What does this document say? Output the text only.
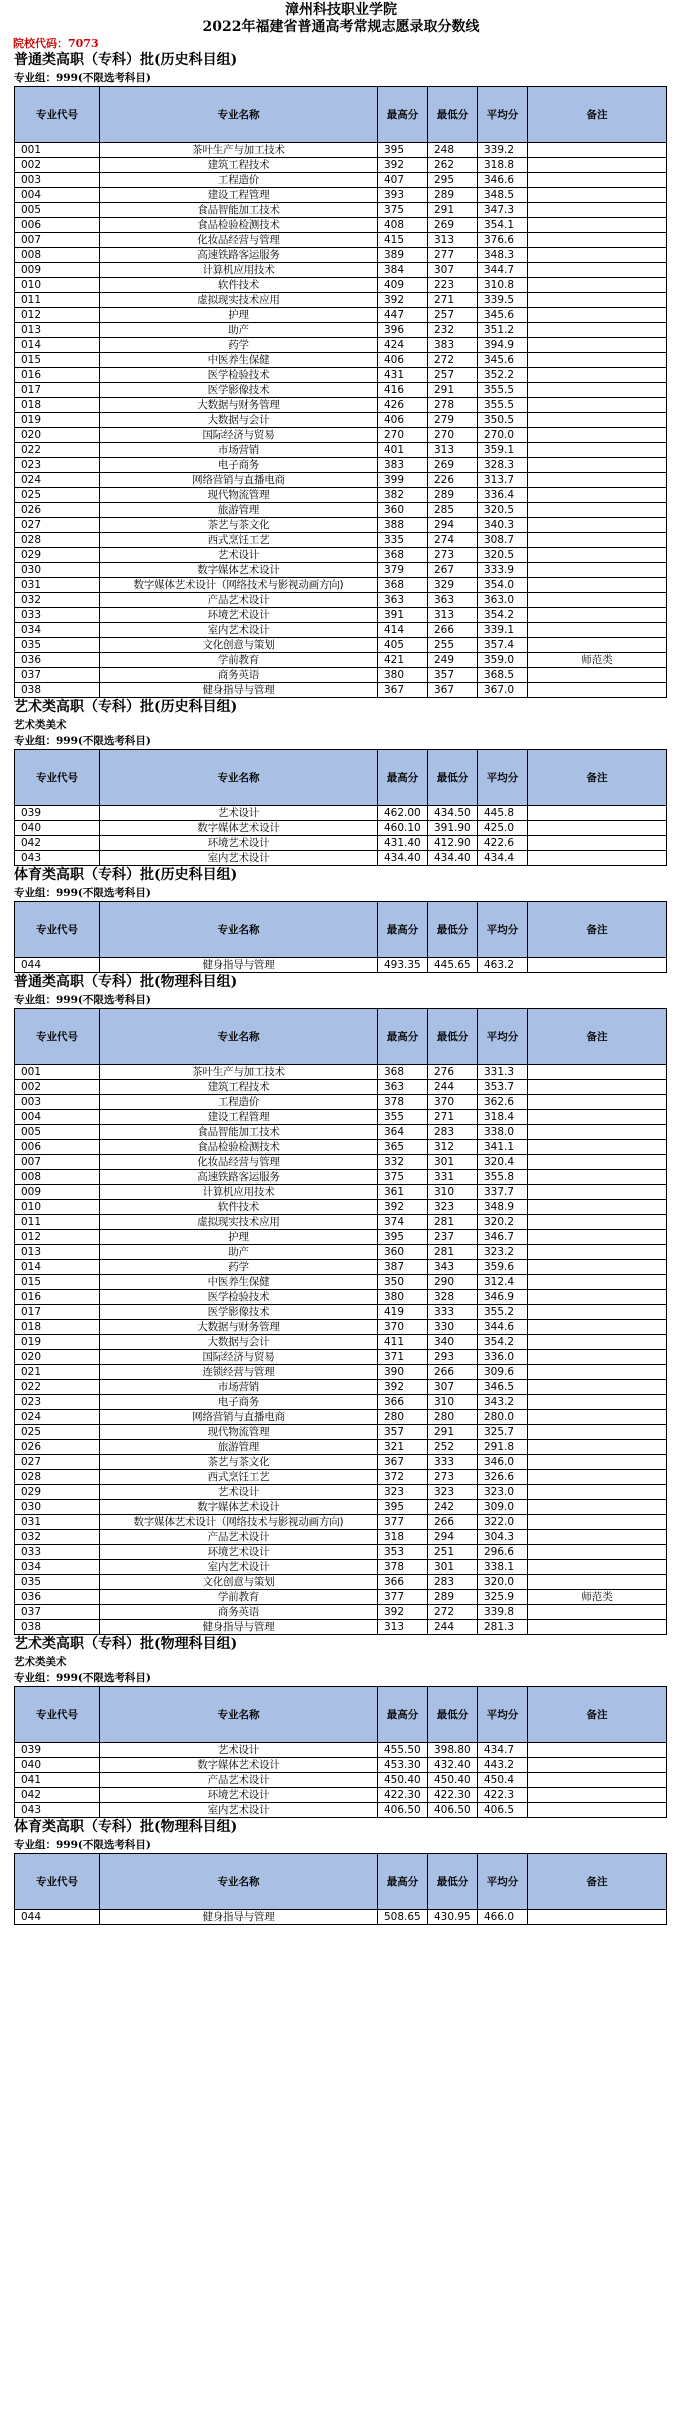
漳州科技职业学院
2022年福建省普通高考常规志愿录取分数线
院校代码：7073
普通类高职（专科）批(历史科目组)
专业组：999(不限选考科目)
专业代号	专业名称	最高分	最低分	平均分	备注
001	茶叶生产与加工技术	395	248	339.2	
002	建筑工程技术	392	262	318.8	
003	工程造价	407	295	346.6	
004	建设工程管理	393	289	348.5	
005	食品智能加工技术	375	291	347.3	
006	食品检验检测技术	408	269	354.1	
007	化妆品经营与管理	415	313	376.6	
008	高速铁路客运服务	389	277	348.3	
009	计算机应用技术	384	307	344.7	
010	软件技术	409	223	310.8	
011	虚拟现实技术应用	392	271	339.5	
012	护理	447	257	345.6	
013	助产	396	232	351.2	
014	药学	424	383	394.9	
015	中医养生保健	406	272	345.6	
016	医学检验技术	431	257	352.2	
017	医学影像技术	416	291	355.5	
018	大数据与财务管理	426	278	355.5	
019	大数据与会计	406	279	350.5	
020	国际经济与贸易	270	270	270.0	
022	市场营销	401	313	359.1	
023	电子商务	383	269	328.3	
024	网络营销与直播电商	399	226	313.7	
025	现代物流管理	382	289	336.4	
026	旅游管理	360	285	320.5	
027	茶艺与茶文化	388	294	340.3	
028	西式烹饪工艺	335	274	308.7	
029	艺术设计	368	273	320.5	
030	数字媒体艺术设计	379	267	333.9	
031	数字媒体艺术设计（网络技术与影视动画方向)	368	329	354.0	
032	产品艺术设计	363	363	363.0	
033	环境艺术设计	391	313	354.2	
034	室内艺术设计	414	266	339.1	
035	文化创意与策划	405	255	357.4	
036	学前教育	421	249	359.0	师范类
037	商务英语	380	357	368.5	
038	健身指导与管理	367	367	367.0	
艺术类高职（专科）批(历史科目组)
艺术类美术
专业组：999(不限选考科目)
专业代号	专业名称	最高分	最低分	平均分	备注
039	艺术设计	462.00	434.50	445.8	
040	数字媒体艺术设计	460.10	391.90	425.0	
042	环境艺术设计	431.40	412.90	422.6	
043	室内艺术设计	434.40	434.40	434.4	
体育类高职（专科）批(历史科目组)
专业组：999(不限选考科目)
专业代号	专业名称	最高分	最低分	平均分	备注
044	健身指导与管理	493.35	445.65	463.2	
普通类高职（专科）批(物理科目组)
专业组：999(不限选考科目)
专业代号	专业名称	最高分	最低分	平均分	备注
001	茶叶生产与加工技术	368	276	331.3	
002	建筑工程技术	363	244	353.7	
003	工程造价	378	370	362.6	
004	建设工程管理	355	271	318.4	
005	食品智能加工技术	364	283	338.0	
006	食品检验检测技术	365	312	341.1	
007	化妆品经营与管理	332	301	320.4	
008	高速铁路客运服务	375	331	355.8	
009	计算机应用技术	361	310	337.7	
010	软件技术	392	323	348.9	
011	虚拟现实技术应用	374	281	320.2	
012	护理	395	237	346.7	
013	助产	360	281	323.2	
014	药学	387	343	359.6	
015	中医养生保健	350	290	312.4	
016	医学检验技术	380	328	346.9	
017	医学影像技术	419	333	355.2	
018	大数据与财务管理	370	330	344.6	
019	大数据与会计	411	340	354.2	
020	国际经济与贸易	371	293	336.0	
021	连锁经营与管理	390	266	309.6	
022	市场营销	392	307	346.5	
023	电子商务	366	310	343.2	
024	网络营销与直播电商	280	280	280.0	
025	现代物流管理	357	291	325.7	
026	旅游管理	321	252	291.8	
027	茶艺与茶文化	367	333	346.0	
028	西式烹饪工艺	372	273	326.6	
029	艺术设计	323	323	323.0	
030	数字媒体艺术设计	395	242	309.0	
031	数字媒体艺术设计（网络技术与影视动画方向)	377	266	322.0	
032	产品艺术设计	318	294	304.3	
033	环境艺术设计	353	251	296.6	
034	室内艺术设计	378	301	338.1	
035	文化创意与策划	366	283	320.0	
036	学前教育	377	289	325.9	师范类
037	商务英语	392	272	339.8	
038	健身指导与管理	313	244	281.3	
艺术类高职（专科）批(物理科目组)
艺术类美术
专业组：999(不限选考科目)
专业代号	专业名称	最高分	最低分	平均分	备注
039	艺术设计	455.50	398.80	434.7	
040	数字媒体艺术设计	453.30	432.40	443.2	
041	产品艺术设计	450.40	450.40	450.4	
042	环境艺术设计	422.30	422.30	422.3	
043	室内艺术设计	406.50	406.50	406.5	
体育类高职（专科）批(物理科目组)
专业组：999(不限选考科目)
专业代号	专业名称	最高分	最低分	平均分	备注
044	健身指导与管理	508.65	430.95	466.0	
